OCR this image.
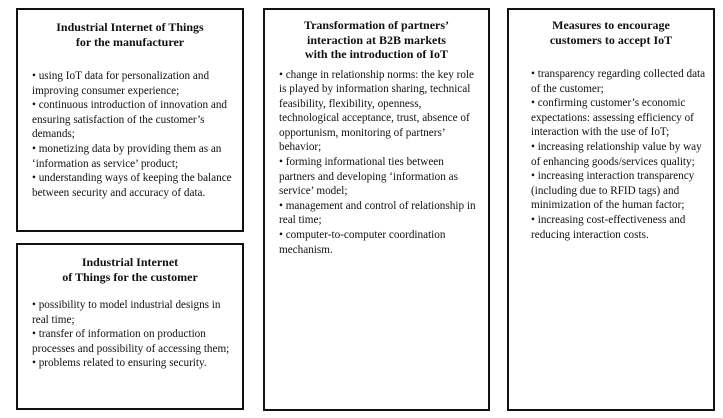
Industrial Internet of Things
for the manufacturer
• using IoT data for personalization and improving consumer experience;
• continuous introduction of innovation and ensuring satisfaction of the customer’s demands;
• monetizing data by providing them as an ‘information as service’ product;
• understanding ways of keeping the balance between security and accuracy of data.
Industrial Internet
of Things for the customer
• possibility to model industrial designs in real time;
• transfer of information on production processes and possibility of accessing them;
• problems related to ensuring security.
Transformation of partners’
interaction at B2B markets
with the introduction of IoT
• change in relationship norms: the key role is played by information sharing, technical feasibility, flexibility, openness, technological acceptance, trust, absence of opportunism, monitoring of partners’ behavior;
• forming informational ties between partners and developing ‘information as service’ model;
• management and control of relationship in real time;
• computer-to-computer coordination mechanism.
Measures to encourage
customers to accept IoT
• transparency regarding collected data of the customer;
• confirming customer’s economic expectations: assessing efficiency of interaction with the use of IoT;
• increasing relationship value by way of enhancing goods/services quality;
• increasing interaction transparency (including due to RFID tags) and minimization of the human factor;
• increasing cost-effectiveness and reducing interaction costs.
